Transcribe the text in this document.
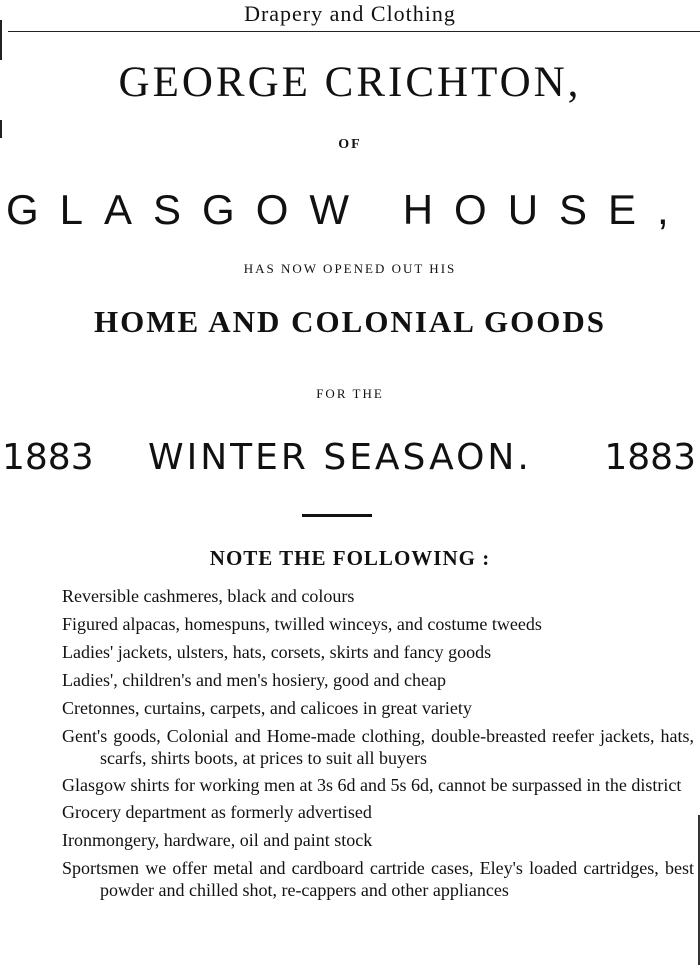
Drapery and Clothing
GEORGE CRICHTON,
OF
GLASGOW HOUSE,
HAS NOW OPENED OUT HIS
HOME AND COLONIAL GOODS
FOR THE
1883 WINTER SEASAON. 1883
NOTE THE FOLLOWING :
Reversible cashmeres, black and colours
Figured alpacas, homespuns, twilled winceys, and costume tweeds
Ladies' jackets, ulsters, hats, corsets, skirts and fancy goods
Ladies', children's and men's hosiery, good and cheap
Cretonnes, curtains, carpets, and calicoes in great variety
Gent's goods, Colonial and Home-made clothing, double-breasted reefer jackets, hats, scarfs, shirts boots, at prices to suit all buyers
Glasgow shirts for working men at 3s 6d and 5s 6d, cannot be surpassed in the district
Grocery department as formerly advertised
Ironmongery, hardware, oil and paint stock
Sportsmen we offer metal and cardboard cartride cases, Eley's loaded cartridges, best powder and chilled shot, re-cappers and other appliances
